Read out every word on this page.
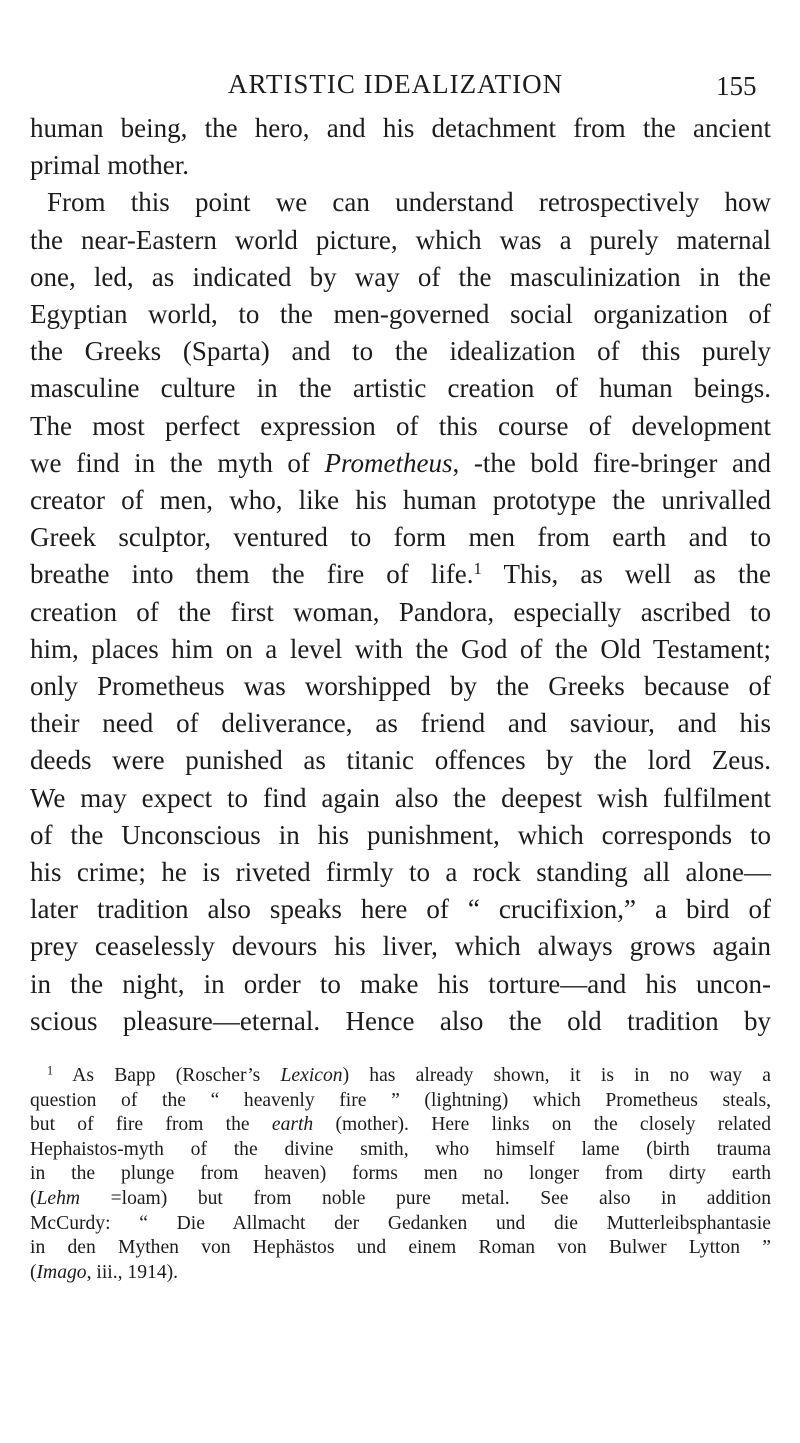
ARTISTIC IDEALIZATION	155

human being, the hero, and his detachment from the ancient
primal mother.

From this point we can understand retrospectively how
the near-Eastern world picture, which was a purely maternal
one, led, as indicated by way of the masculinization in the
Egyptian world, to the men-governed social organization of
the Greeks (Sparta) and to the idealization of this purely
masculine culture in the artistic creation of human beings.
The most perfect expression of this course of development
we find in the myth of Prometheus, -the bold fire-bringer and
creator of men, who, like his human prototype the unrivalled
Greek sculptor, ventured to form men from earth and to
breathe into them the fire of life.$^1$ This, as well as the
creation of the first woman, Pandora, especially ascribed to
him, places him on a level with the God of the Old Testament;
only Prometheus was worshipped by the Greeks because of
their need of deliverance, as friend and saviour, and his
deeds were punished as titanic offences by the lord Zeus.
We may expect to find again also the deepest wish fulfilment
of the Unconscious in his punishment, which corresponds to
his crime; he is riveted firmly to a rock standing all alone—
later tradition also speaks here of “ crucifixion,” a bird of
prey ceaselessly devours his liver, which always grows again
in the night, in order to make his torture—and his uncon-
scious pleasure—eternal. Hence also the old tradition by

$^1$ As Bapp (Roscher’s Lexicon) has already shown, it is in no way a
question of the “ heavenly fire ” (lightning) which Prometheus steals,
but of fire from the earth (mother). Here links on the closely related
Hephaistos-myth of the divine smith, who himself lame (birth trauma
in the plunge from heaven) forms men no longer from dirty earth
(Lehm =loam) but from noble pure metal. See also in addition
McCurdy: “ Die Allmacht der Gedanken und die Mutterleibsphantasie
in den Mythen von Hephästos und einem Roman von Bulwer Lytton ”
(Imago, iii., 1914).
